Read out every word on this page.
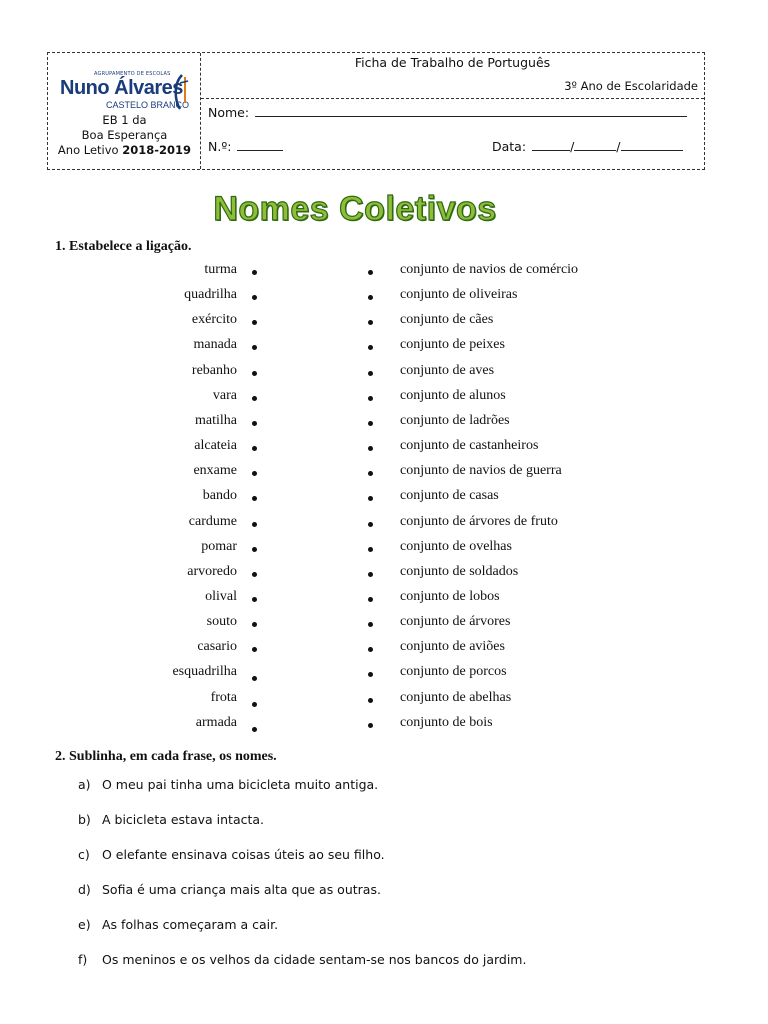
AGRUPAMENTO DE ESCOLAS
Nuno Álvares
CASTELO BRANCO
EB 1 da
Boa Esperança
Ano Letivo 2018-2019
Ficha de Trabalho de Português
3º Ano de Escolaridade
Nome:
N.º:	Data:	/	/
Nomes Coletivos
1. Estabelece a ligação.
turma	conjunto de navios de comércio
quadrilha	conjunto de oliveiras
exército	conjunto de cães
manada	conjunto de peixes
rebanho	conjunto de aves
vara	conjunto de alunos
matilha	conjunto de ladrões
alcateia	conjunto de castanheiros
enxame	conjunto de navios de guerra
bando	conjunto de casas
cardume	conjunto de árvores de fruto
pomar	conjunto de ovelhas
arvoredo	conjunto de soldados
olival	conjunto de lobos
souto	conjunto de árvores
casario	conjunto de aviões
esquadrilha	conjunto de porcos
frota	conjunto de abelhas
armada	conjunto de bois
2. Sublinha, em cada frase, os nomes.
a) O meu pai tinha uma bicicleta muito antiga.
b) A bicicleta estava intacta.
c) O elefante ensinava coisas úteis ao seu filho.
d) Sofia é uma criança mais alta que as outras.
e) As folhas começaram a cair.
f) Os meninos e os velhos da cidade sentam-se nos bancos do jardim.
